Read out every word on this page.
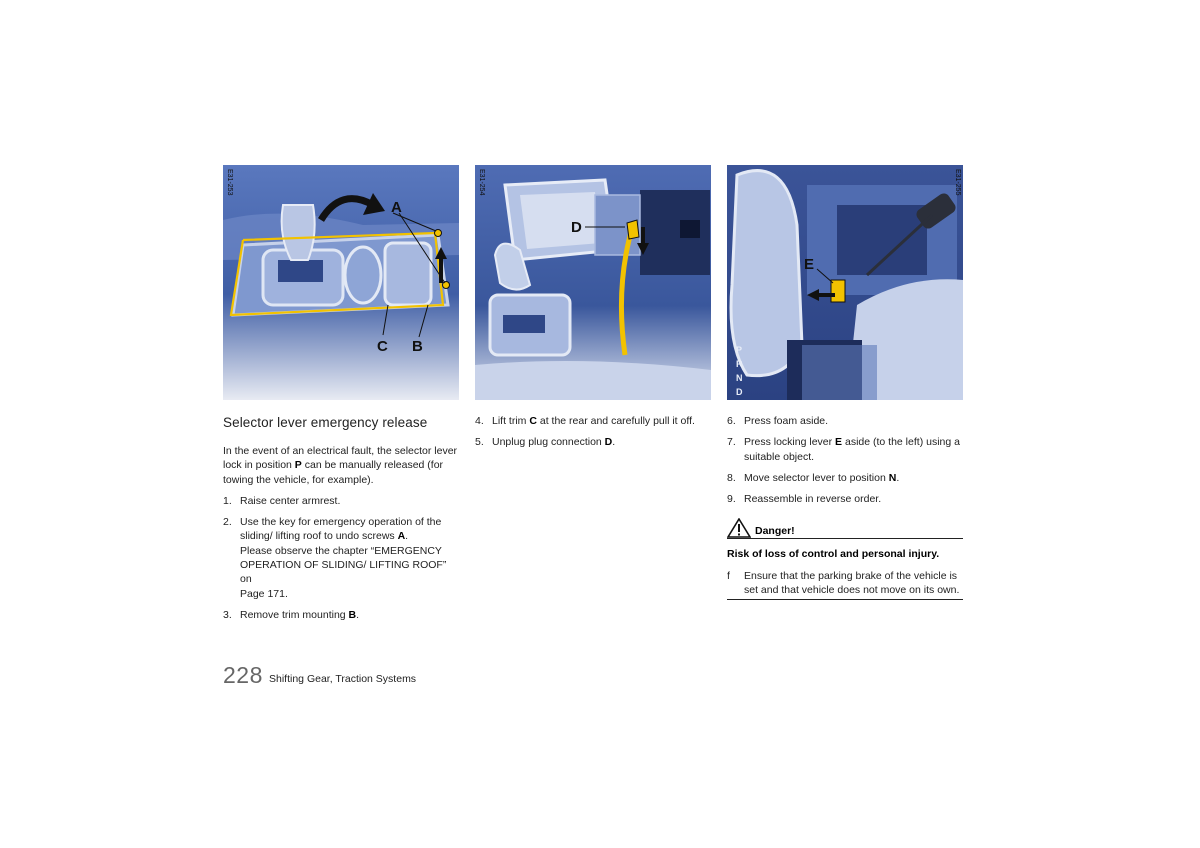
A
C B
E31-253
D
E31-254
E
P
R
N
D
E31-255
Selector lever emergency release

In the event of an electrical fault, the selector lever lock in position P can be manually released (for towing the vehicle, for example).

1. Raise center armrest.
2. Use the key for emergency operation of the
sliding/ lifting roof to undo screws A.
Please observe the chapter “EMERGENCY
OPERATION OF SLIDING/ LIFTING ROOF” on
Page 171.
3. Remove trim mounting B.
4. Lift trim C at the rear and carefully pull it off.
5. Unplug plug connection D.
6. Press foam aside.
7. Press locking lever E aside (to the left) using a
suitable object.
8. Move selector lever to position N.
9. Reassemble in reverse order.
Danger!
Risk of loss of control and personal injury.
f Ensure that the parking brake of the vehicle is
set and that vehicle does not move on its own.
228 Shifting Gear, Traction Systems
